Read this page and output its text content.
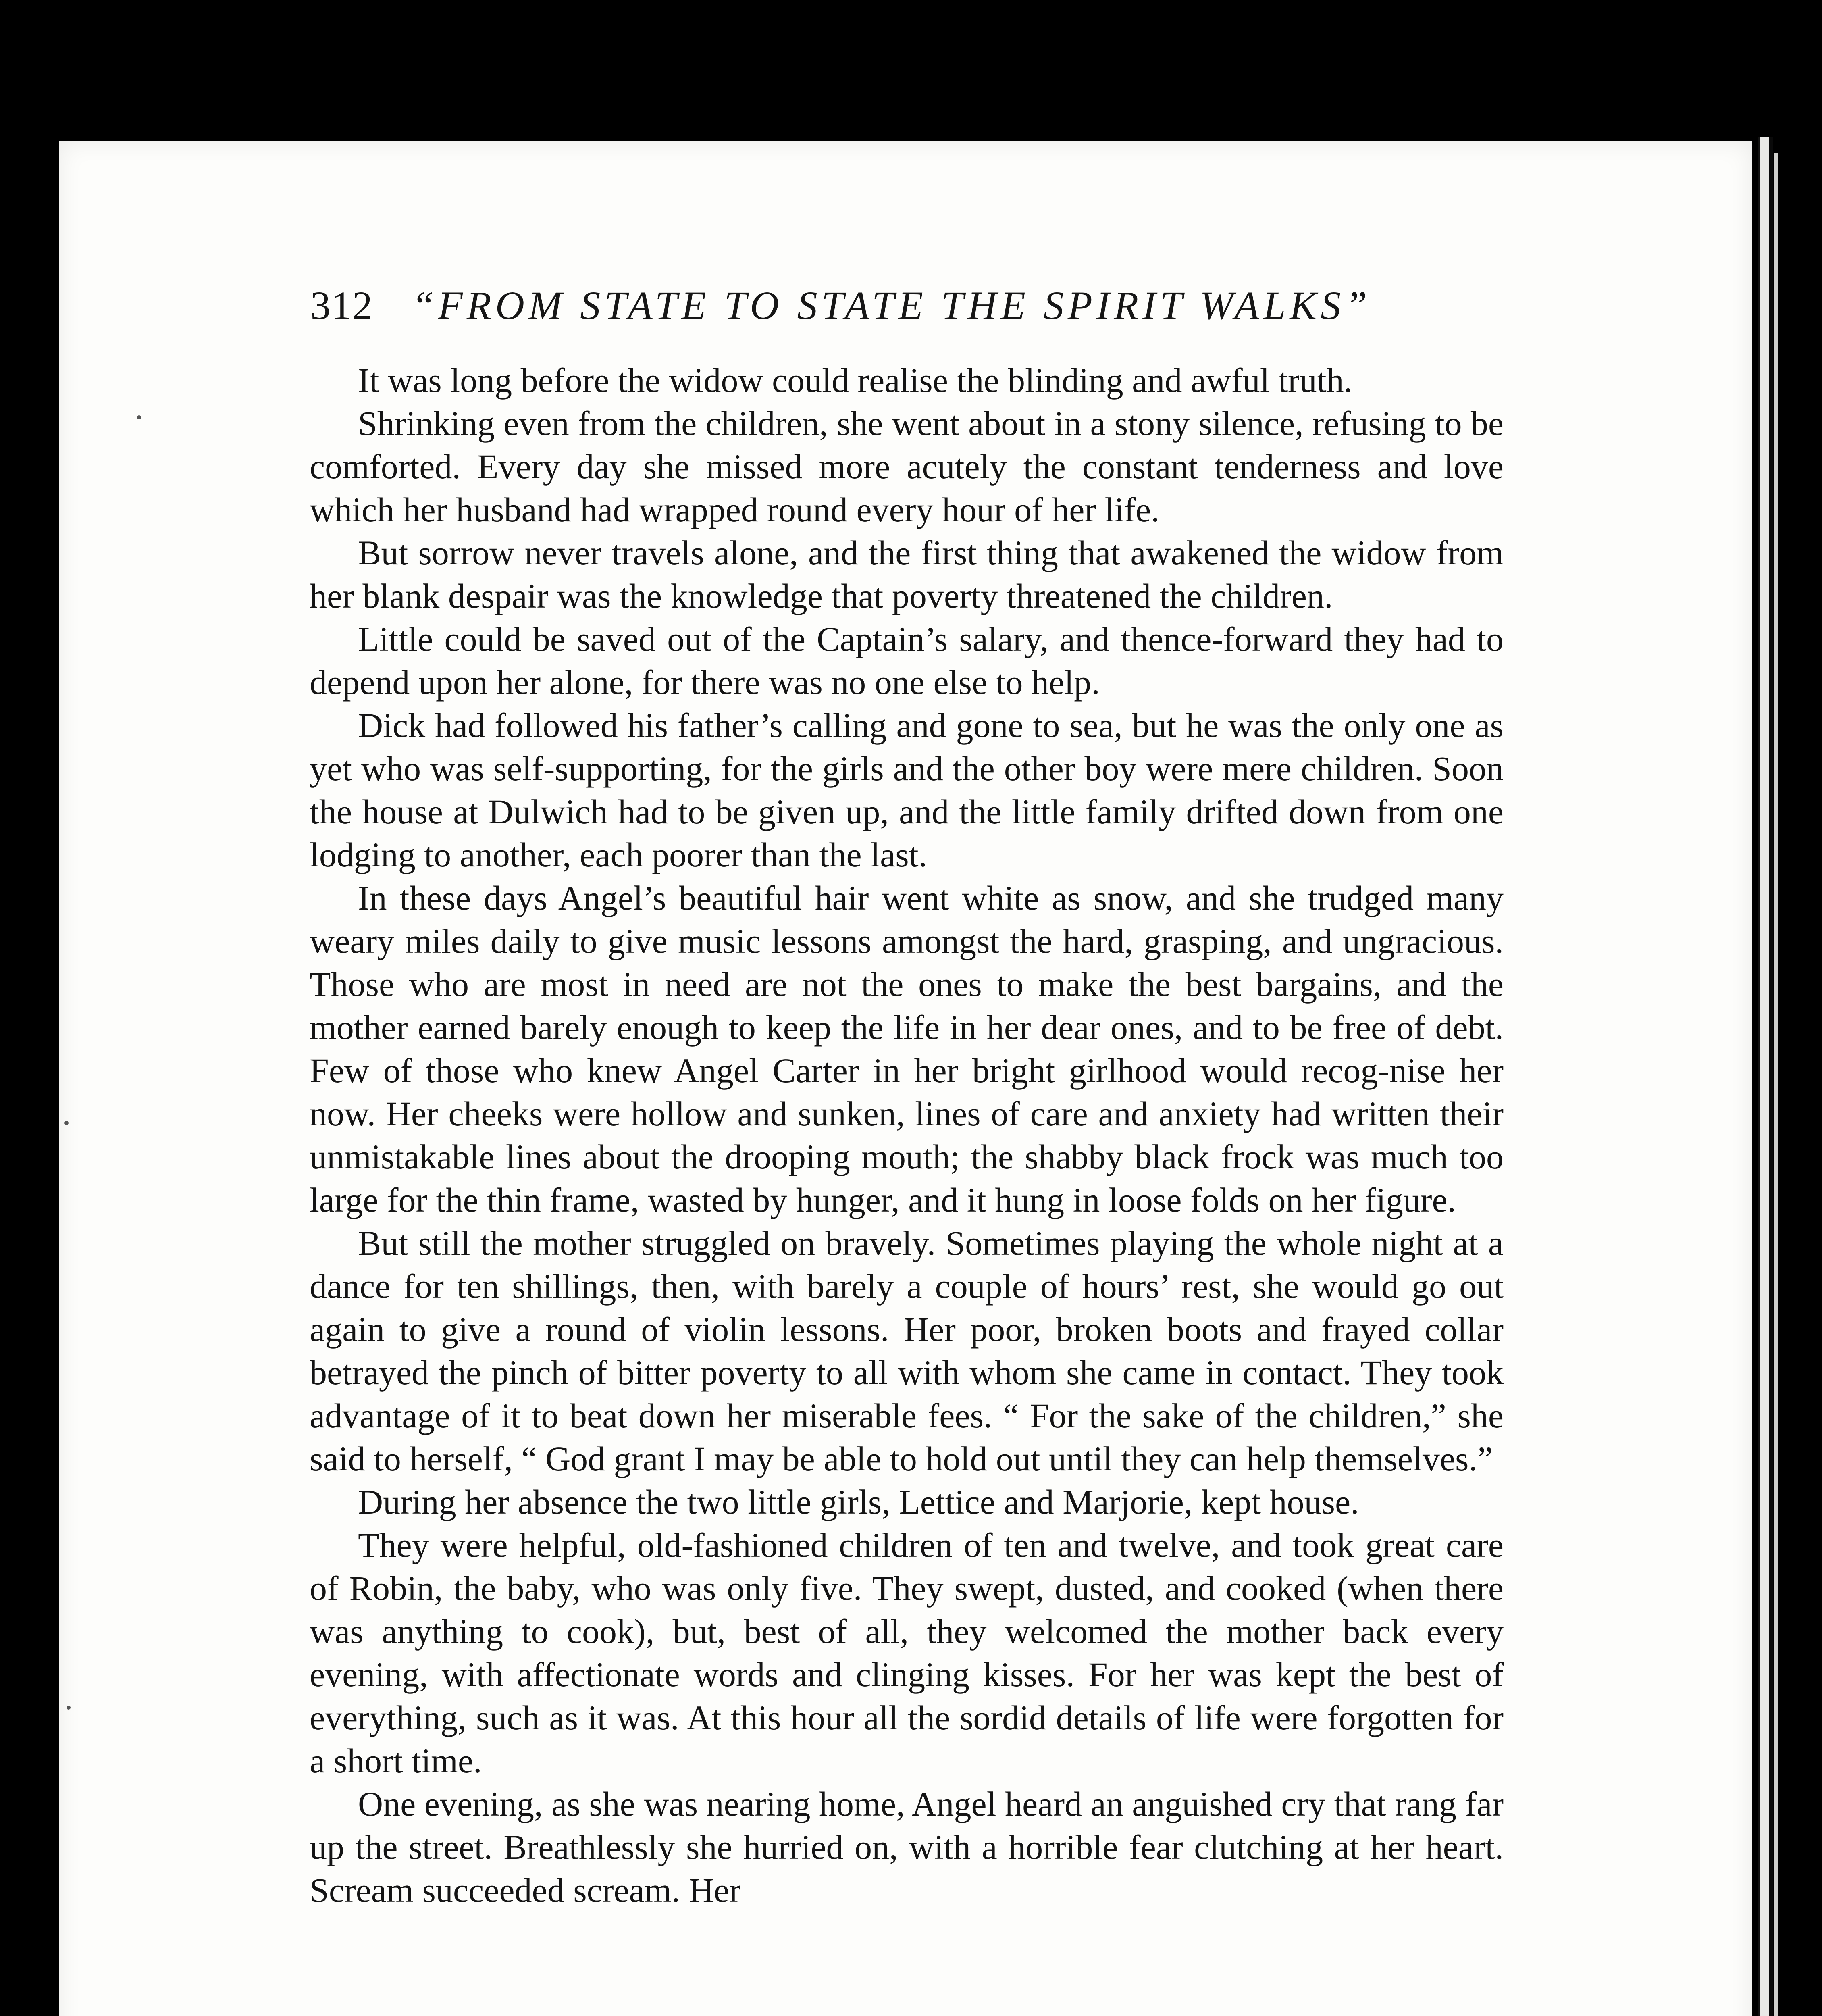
312 “FROM STATE TO STATE THE SPIRIT WALKS”

It was long before the widow could realise the blinding and awful truth.

Shrinking even from the children, she went about in a stony silence, refusing to be comforted. Every day she missed more acutely the constant tenderness and love which her husband had wrapped round every hour of her life.

But sorrow never travels alone, and the first thing that awakened the widow from her blank despair was the knowledge that poverty threatened the children.

Little could be saved out of the Captain’s salary, and thence-forward they had to depend upon her alone, for there was no one else to help.

Dick had followed his father’s calling and gone to sea, but he was the only one as yet who was self-supporting, for the girls and the other boy were mere children. Soon the house at Dulwich had to be given up, and the little family drifted down from one lodging to another, each poorer than the last.

In these days Angel’s beautiful hair went white as snow, and she trudged many weary miles daily to give music lessons amongst the hard, grasping, and ungracious. Those who are most in need are not the ones to make the best bargains, and the mother earned barely enough to keep the life in her dear ones, and to be free of debt. Few of those who knew Angel Carter in her bright girlhood would recog-nise her now. Her cheeks were hollow and sunken, lines of care and anxiety had written their unmistakable lines about the drooping mouth; the shabby black frock was much too large for the thin frame, wasted by hunger, and it hung in loose folds on her figure.

But still the mother struggled on bravely. Sometimes playing the whole night at a dance for ten shillings, then, with barely a couple of hours’ rest, she would go out again to give a round of violin lessons. Her poor, broken boots and frayed collar betrayed the pinch of bitter poverty to all with whom she came in contact. They took advantage of it to beat down her miserable fees. “ For the sake of the children,” she said to herself, “ God grant I may be able to hold out until they can help themselves.”

During her absence the two little girls, Lettice and Marjorie, kept house.

They were helpful, old-fashioned children of ten and twelve, and took great care of Robin, the baby, who was only five. They swept, dusted, and cooked (when there was anything to cook), but, best of all, they welcomed the mother back every evening, with affectionate words and clinging kisses. For her was kept the best of everything, such as it was. At this hour all the sordid details of life were forgotten for a short time.

One evening, as she was nearing home, Angel heard an anguished cry that rang far up the street. Breathlessly she hurried on, with a horrible fear clutching at her heart. Scream succeeded scream. Her
